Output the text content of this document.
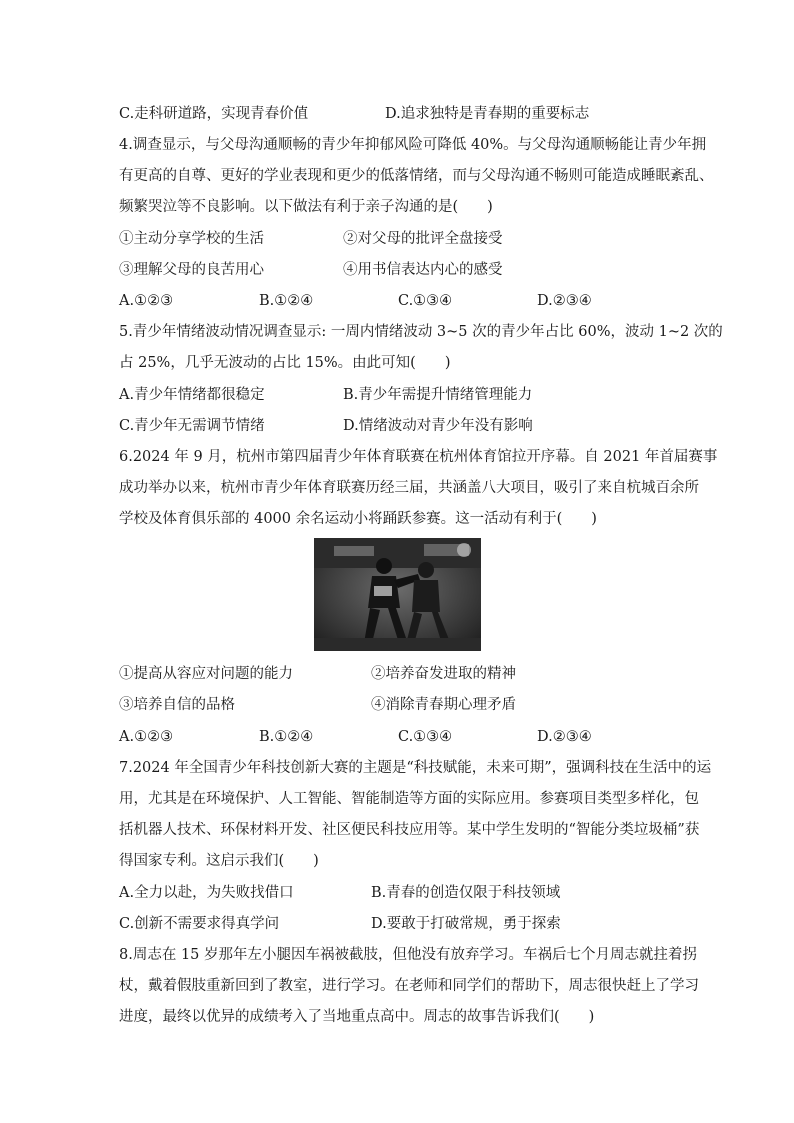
C.走科研道路，实现青春价值	D.追求独特是青春期的重要标志
4.调查显示，与父母沟通顺畅的青少年抑郁风险可降低 40%。与父母沟通顺畅能让青少年拥
有更高的自尊、更好的学业表现和更少的低落情绪，而与父母沟通不畅则可能造成睡眠紊乱、
频繁哭泣等不良影响。以下做法有利于亲子沟通的是(　　)
①主动分享学校的生活	②对父母的批评全盘接受
③理解父母的良苦用心	④用书信表达内心的感受
A.①②③	B.①②④	C.①③④	D.②③④
5.青少年情绪波动情况调查显示: 一周内情绪波动 3~5 次的青少年占比 60%，波动 1~2 次的
占 25%，几乎无波动的占比 15%。由此可知(　　)
A.青少年情绪都很稳定	B.青少年需提升情绪管理能力
C.青少年无需调节情绪	D.情绪波动对青少年没有影响
6.2024 年 9 月，杭州市第四届青少年体育联赛在杭州体育馆拉开序幕。自 2021 年首届赛事
成功举办以来，杭州市青少年体育联赛历经三届，共涵盖八大项目，吸引了来自杭城百余所
学校及体育俱乐部的 4000 余名运动小将踊跃参赛。这一活动有利于(　　)
①提高从容应对问题的能力	②培养奋发进取的精神
③培养自信的品格	④消除青春期心理矛盾
A.①②③	B.①②④	C.①③④	D.②③④
7.2024 年全国青少年科技创新大赛的主题是“科技赋能，未来可期”，强调科技在生活中的运
用，尤其是在环境保护、人工智能、智能制造等方面的实际应用。参赛项目类型多样化，包
括机器人技术、环保材料开发、社区便民科技应用等。某中学生发明的“智能分类垃圾桶”获
得国家专利。这启示我们(　　)
A.全力以赴，为失败找借口	B.青春的创造仅限于科技领域
C.创新不需要求得真学问	D.要敢于打破常规，勇于探索
8.周志在 15 岁那年左小腿因车祸被截肢，但他没有放弃学习。车祸后七个月周志就拄着拐
杖，戴着假肢重新回到了教室，进行学习。在老师和同学们的帮助下，周志很快赶上了学习
进度，最终以优异的成绩考入了当地重点高中。周志的故事告诉我们(　　)
